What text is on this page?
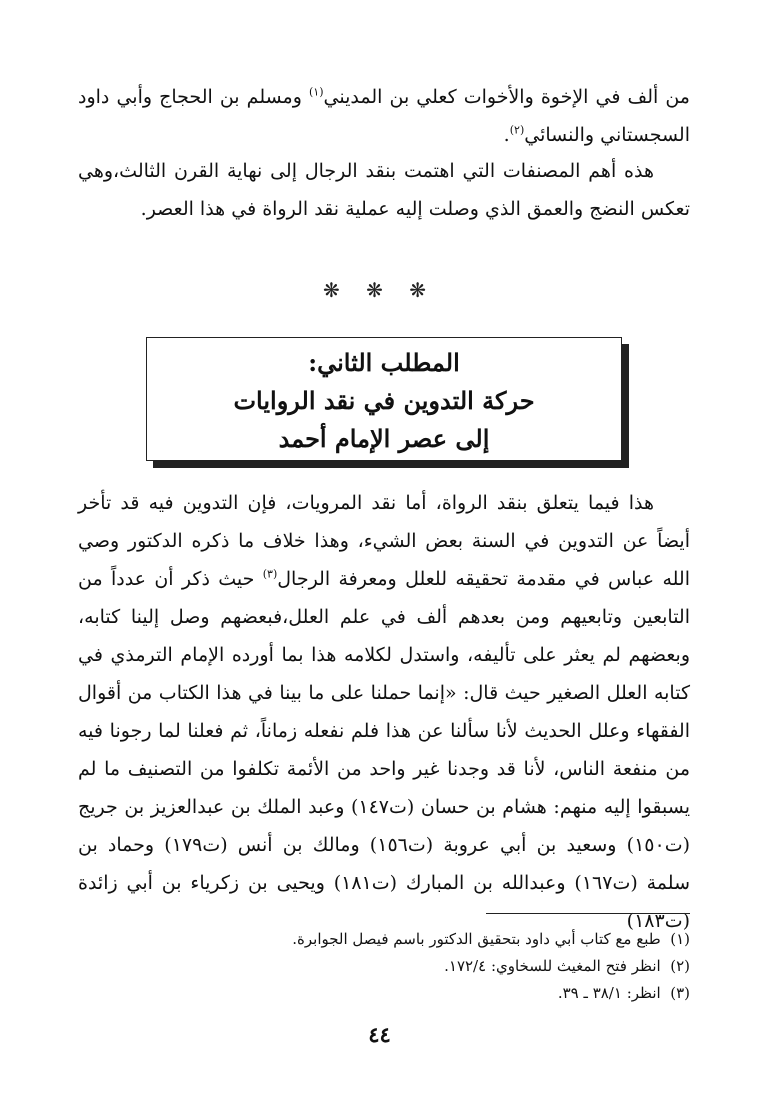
من ألف في الإخوة والأخوات كعلي بن المديني$^{(١)}$ ومسلم بن الحجاج وأبي داود السجستاني والنسائي$^{(٢)}$.

هذه أهم المصنفات التي اهتمت بنقد الرجال إلى نهاية القرن الثالث،وهي تعكس النضج والعمق الذي وصلت إليه عملية نقد الرواة في هذا العصر.

❋ ❋ ❋
المطلب الثاني:
حركة التدوين في نقد الروايات
إلى عصر الإمام أحمد

هذا فيما يتعلق بنقد الرواة، أما نقد المرويات، فإن التدوين فيه قد تأخر أيضاً عن التدوين في السنة بعض الشيء، وهذا خلاف ما ذكره الدكتور وصي الله عباس في مقدمة تحقيقه للعلل ومعرفة الرجال$^{(٣)}$ حيث ذكر أن عدداً من التابعين وتابعيهم ومن بعدهم ألف في علم العلل،فبعضهم وصل إلينا كتابه، وبعضهم لم يعثر على تأليفه، واستدل لكلامه هذا بما أورده الإمام الترمذي في كتابه العلل الصغير حيث قال: «إنما حملنا على ما بينا في هذا الكتاب من أقوال الفقهاء وعلل الحديث لأنا سألنا عن هذا فلم نفعله زماناً، ثم فعلنا لما رجونا فيه من منفعة الناس، لأنا قد وجدنا غير واحد من الأئمة تكلفوا من التصنيف ما لم يسبقوا إليه منهم: هشام بن حسان (ت١٤٧) وعبد الملك بن عبدالعزيز بن جريج (ت١٥٠) وسعيد بن أبي عروبة (ت١٥٦) ومالك بن أنس (ت١٧٩) وحماد بن سلمة (ت١٦٧) وعبدالله بن المبارك (ت١٨١) ويحيى بن زكرياء بن أبي زائدة (ت١٨٣)

(١)  طبع مع كتاب أبي داود بتحقيق الدكتور باسم فيصل الجوابرة.
(٢)  انظر فتح المغيث للسخاوي: ١٧٢/٤.
(٣)  انظر: ٣٨/١ ـ ٣٩.
٤٤
